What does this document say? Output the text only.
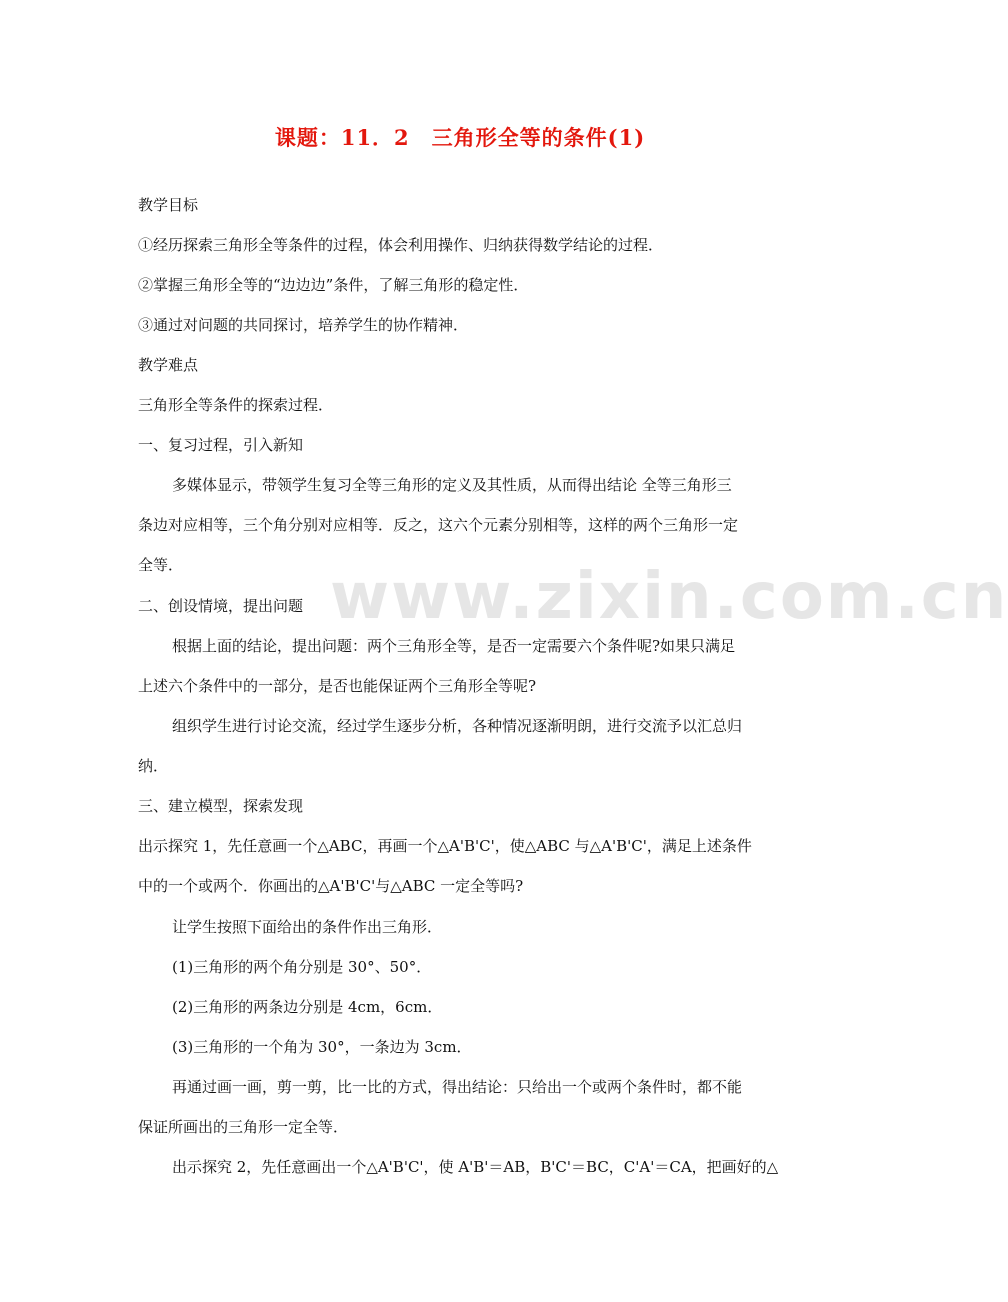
www.zixin.com.cn
课题：11．2　三角形全等的条件(1)
教学目标
①经历探索三角形全等条件的过程，体会利用操作、归纳获得数学结论的过程．
②掌握三角形全等的“边边边”条件，了解三角形的稳定性．
③通过对问题的共同探讨，培养学生的协作精神．
教学难点
三角形全等条件的探索过程．
一、复习过程，引入新知
多媒体显示，带领学生复习全等三角形的定义及其性质，从而得出结论 全等三角形三
条边对应相等，三个角分别对应相等．反之，这六个元素分别相等，这样的两个三角形一定
全等．
二、创设情境，提出问题
根据上面的结论，提出问题：两个三角形全等，是否一定需要六个条件呢?如果只满足
上述六个条件中的一部分，是否也能保证两个三角形全等呢?
组织学生进行讨论交流，经过学生逐步分析，各种情况逐渐明朗，进行交流予以汇总归
纳．
三、建立模型，探索发现
出示探究 1，先任意画一个△ABC，再画一个△A'B'C'，使△ABC 与△A'B'C'，满足上述条件
中的一个或两个．你画出的△A'B'C'与△ABC 一定全等吗?
让学生按照下面给出的条件作出三角形．
(1)三角形的两个角分别是 30°、50°．
(2)三角形的两条边分别是 4cm，6cm．
(3)三角形的一个角为 30°，一条边为 3cm．
再通过画一画，剪一剪，比一比的方式，得出结论：只给出一个或两个条件时，都不能
保证所画出的三角形一定全等．
出示探究 2，先任意画出一个△A'B'C'，使 A'B'＝AB，B'C'＝BC，C'A'＝CA，把画好的△
